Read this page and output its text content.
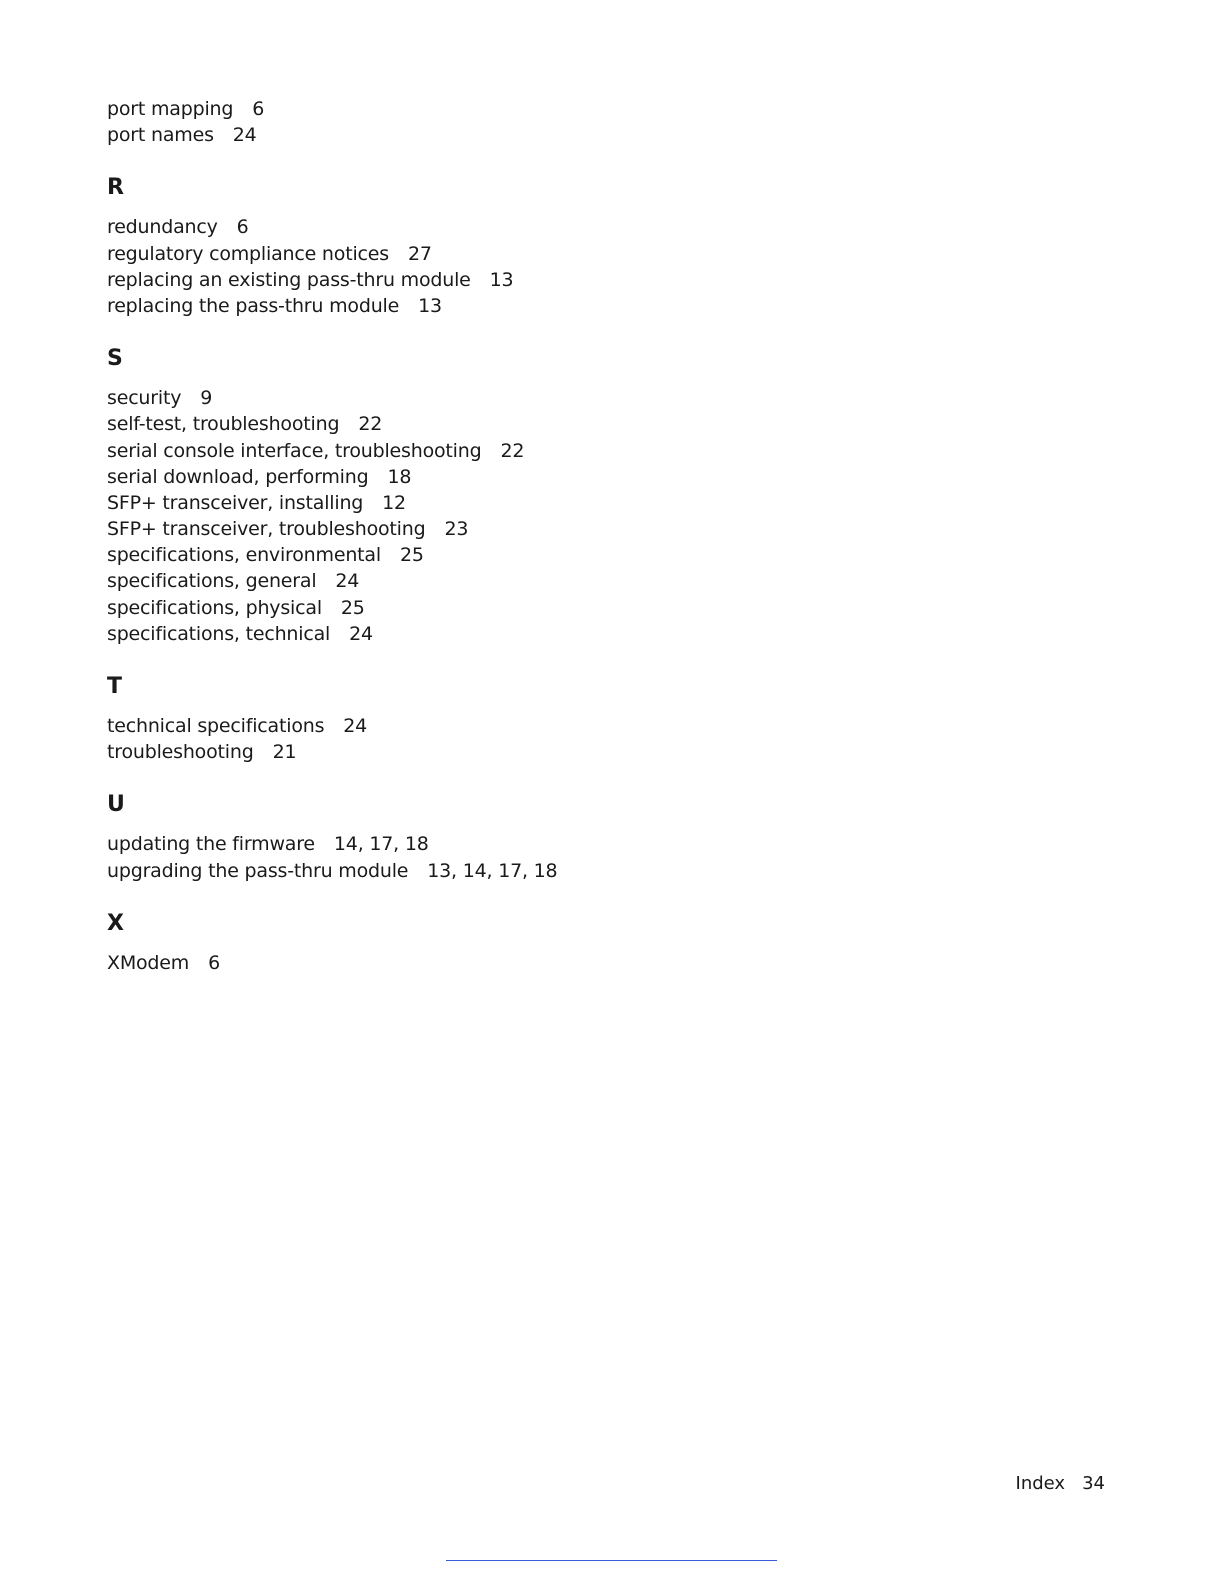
port mapping 6
port names 24
R
redundancy 6
regulatory compliance notices 27
replacing an existing pass-thru module 13
replacing the pass-thru module 13
S
security 9
self-test, troubleshooting 22
serial console interface, troubleshooting 22
serial download, performing 18
SFP+ transceiver, installing 12
SFP+ transceiver, troubleshooting 23
specifications, environmental 25
specifications, general 24
specifications, physical 25
specifications, technical 24
T
technical specifications 24
troubleshooting 21
U
updating the firmware 14, 17, 18
upgrading the pass-thru module 13, 14, 17, 18
X
XModem 6
Index 34
